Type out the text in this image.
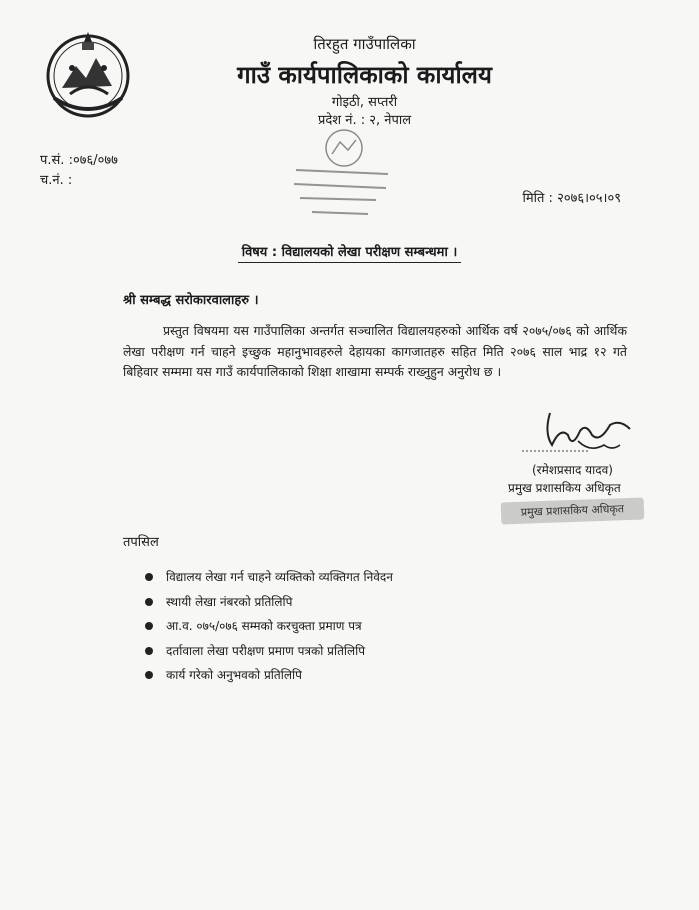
तिरहुत गाउँपालिका
गाउँ कार्यपालिकाको कार्यालय
गोइठी, सप्तरी
प्रदेश नं. : २, नेपाल
प.सं. :०७६/०७७
च.नं. :
मिति : २०७६।०५।०९
विषय : विद्यालयको लेखा परीक्षण सम्बन्धमा ।
श्री सम्बद्ध सरोकारवालाहरु ।
प्रस्तुत विषयमा यस गाउँपालिका अन्तर्गत सञ्चालित विद्यालयहरुको आर्थिक वर्ष २०७५/०७६ को आर्थिक लेखा परीक्षण गर्न चाहने इच्छुक महानुभावहरुले देहायका कागजातहरु सहित मिति २०७६ साल भाद्र १२ गते बिहिवार सम्ममा यस गाउँ कार्यपालिकाको शिक्षा शाखामा सम्पर्क राख्नुहुन अनुरोध छ ।
(रमेशप्रसाद यादव)
प्रमुख प्रशासकिय अधिकृत
प्रमुख प्रशासकिय अधिकृत
तपसिल
विद्यालय लेखा गर्न चाहने व्यक्तिको व्यक्तिगत निवेदन
स्थायी लेखा नंबरको प्रतिलिपि
आ.व. ०७५/०७६ सम्मको करचुक्ता प्रमाण पत्र
दर्तावाला लेखा परीक्षण प्रमाण पत्रको प्रतिलिपि
कार्य गरेको अनुभवको प्रतिलिपि
